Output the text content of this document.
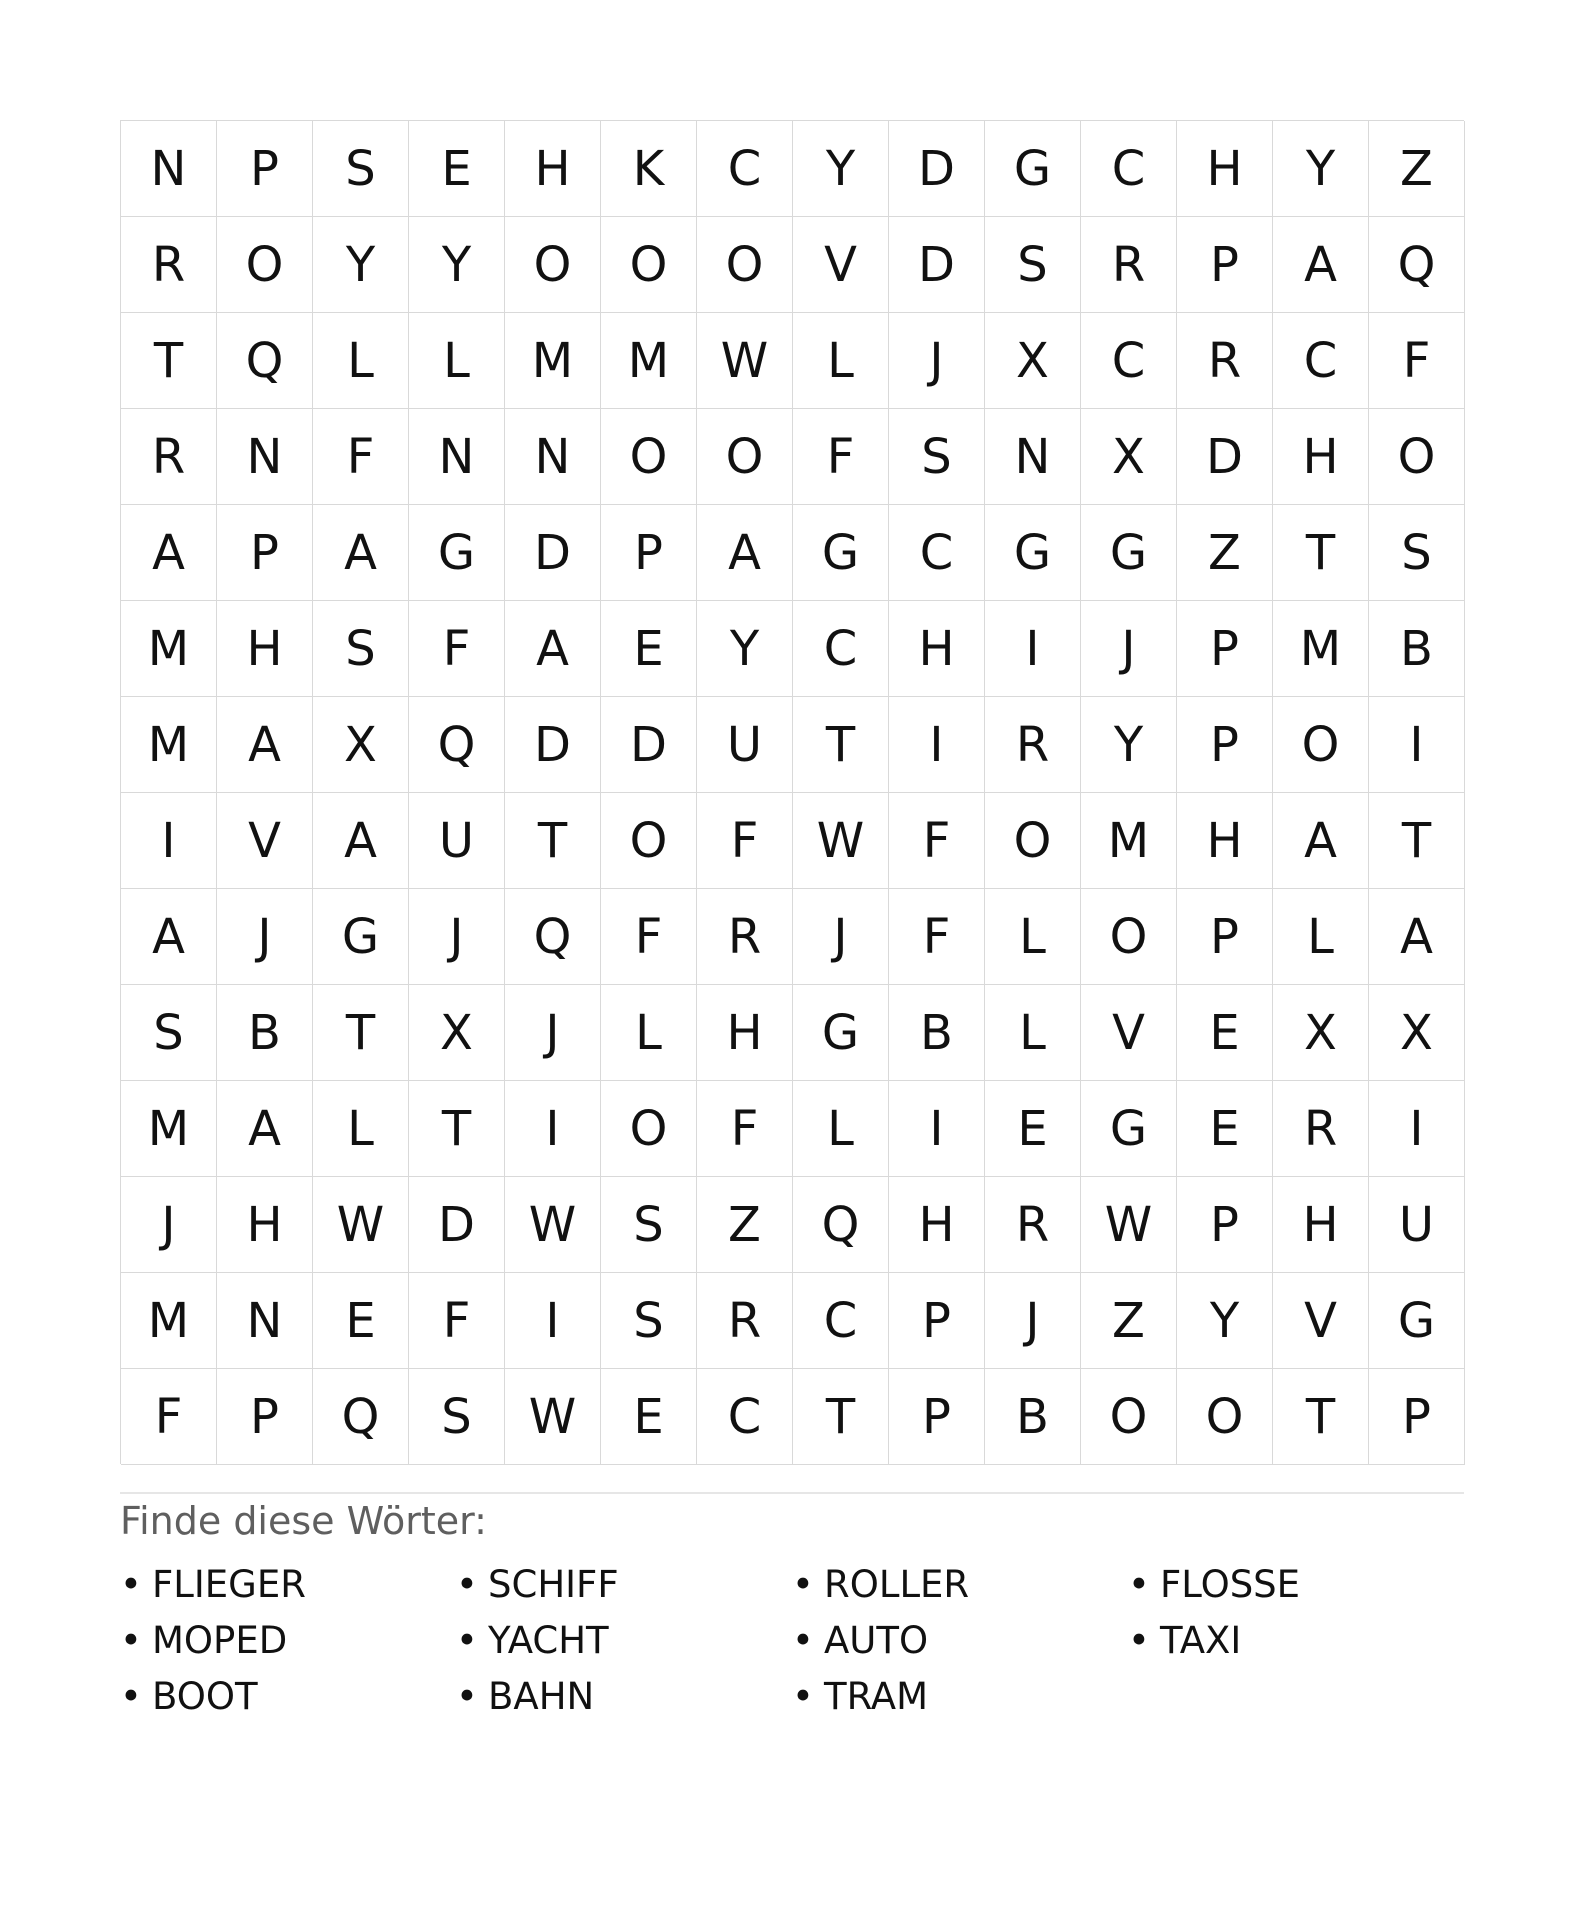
N	P	S	E	H	K	C	Y	D	G	C	H	Y	Z
R	O	Y	Y	O	O	O	V	D	S	R	P	A	Q
T	Q	L	L	M	M	W	L	J	X	C	R	C	F
R	N	F	N	N	O	O	F	S	N	X	D	H	O
A	P	A	G	D	P	A	G	C	G	G	Z	T	S
M	H	S	F	A	E	Y	C	H	I	J	P	M	B
M	A	X	Q	D	D	U	T	I	R	Y	P	O	I
I	V	A	U	T	O	F	W	F	O	M	H	A	T
A	J	G	J	Q	F	R	J	F	L	O	P	L	A
S	B	T	X	J	L	H	G	B	L	V	E	X	X
M	A	L	T	I	O	F	L	I	E	G	E	R	I
J	H	W	D	W	S	Z	Q	H	R	W	P	H	U
M	N	E	F	I	S	R	C	P	J	Z	Y	V	G
F	P	Q	S	W	E	C	T	P	B	O	O	T	P
Finde diese Wörter:
• FLIEGER	• SCHIFF	• ROLLER	• FLOSSE
• MOPED	• YACHT	• AUTO	• TAXI
• BOOT	• BAHN	• TRAM
